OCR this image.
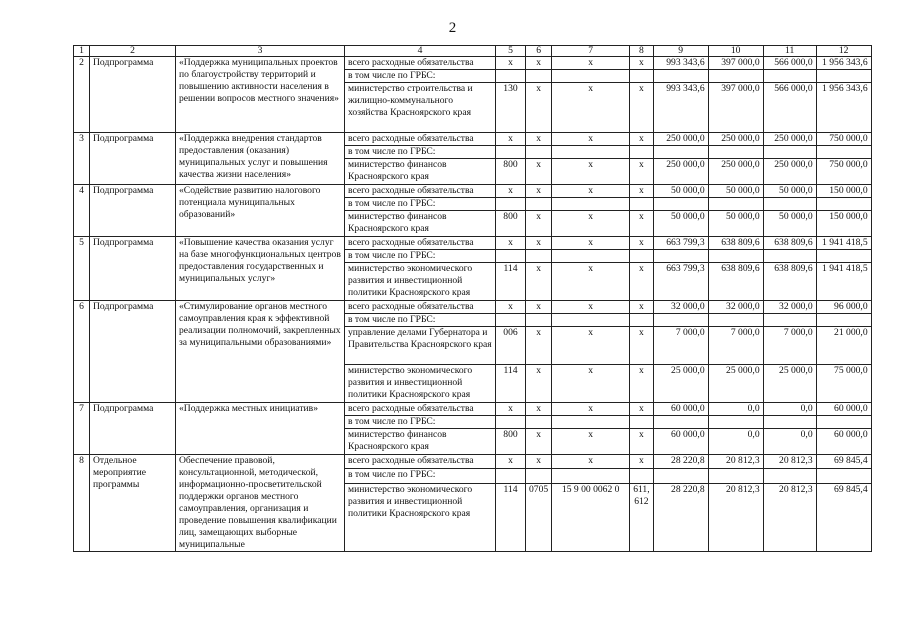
2
1	2	3	4	5	6	7	8	9	10	11	12
2	Подпрограмма	«Поддержка муниципальных проектов по благоустройству территорий и повышению активности населения в решении вопросов местного значения»	всего расходные обязательства	х	х	х	х	993 343,6	397 000,0	566 000,0	1 956 343,6
			в том числе по ГРБС:								
			министерство строительства и жилищно-коммунального хозяйства Красноярского края	130	х	х	х	993 343,6	397 000,0	566 000,0	1 956 343,6
3	Подпрограмма	«Поддержка внедрения стандартов предоставления (оказания) муниципальных услуг и повышения качества жизни населения»	всего расходные обязательства	х	х	х	х	250 000,0	250 000,0	250 000,0	750 000,0
			в том числе по ГРБС:								
			министерство финансов Красноярского края	800	х	х	х	250 000,0	250 000,0	250 000,0	750 000,0
4	Подпрограмма	«Содействие развитию налогового потенциала муниципальных образований»	всего расходные обязательства	х	х	х	х	50 000,0	50 000,0	50 000,0	150 000,0
			в том числе по ГРБС:								
			министерство финансов Красноярского края	800	х	х	х	50 000,0	50 000,0	50 000,0	150 000,0
5	Подпрограмма	«Повышение качества оказания услуг на базе многофункциональных центров предоставления государственных и муниципальных услуг»	всего расходные обязательства	х	х	х	х	663 799,3	638 809,6	638 809,6	1 941 418,5
			в том числе по ГРБС:								
			министерство экономического развития и инвестиционной политики Красноярского края	114	х	х	х	663 799,3	638 809,6	638 809,6	1 941 418,5
6	Подпрограмма	«Стимулирование органов местного самоуправления края к эффективной реализации полномочий, закрепленных за муниципальными образованиями»	всего расходные обязательства	х	х	х	х	32 000,0	32 000,0	32 000,0	96 000,0
			в том числе по ГРБС:								
			управление делами Губернатора и Правительства Красноярского края	006	х	х	х	7 000,0	7 000,0	7 000,0	21 000,0
			министерство экономического развития и инвестиционной политики Красноярского края	114	х	х	х	25 000,0	25 000,0	25 000,0	75 000,0
7	Подпрограмма	«Поддержка местных инициатив»	всего расходные обязательства	х	х	х	х	60 000,0	0,0	0,0	60 000,0
			в том числе по ГРБС:								
			министерство финансов Красноярского края	800	х	х	х	60 000,0	0,0	0,0	60 000,0
8	Отдельное мероприятие программы	Обеспечение правовой, консультационной, методической, информационно-просветительской поддержки органов местного самоуправления, организация и проведение повышения квалификации лиц, замещающих выборные муниципальные	всего расходные обязательства	х	х	х	х	28 220,8	20 812,3	20 812,3	69 845,4
			в том числе по ГРБС:								
			министерство экономического развития и инвестиционной политики Красноярского края	114	0705	15 9 00 0062 0	611, 612	28 220,8	20 812,3	20 812,3	69 845,4
